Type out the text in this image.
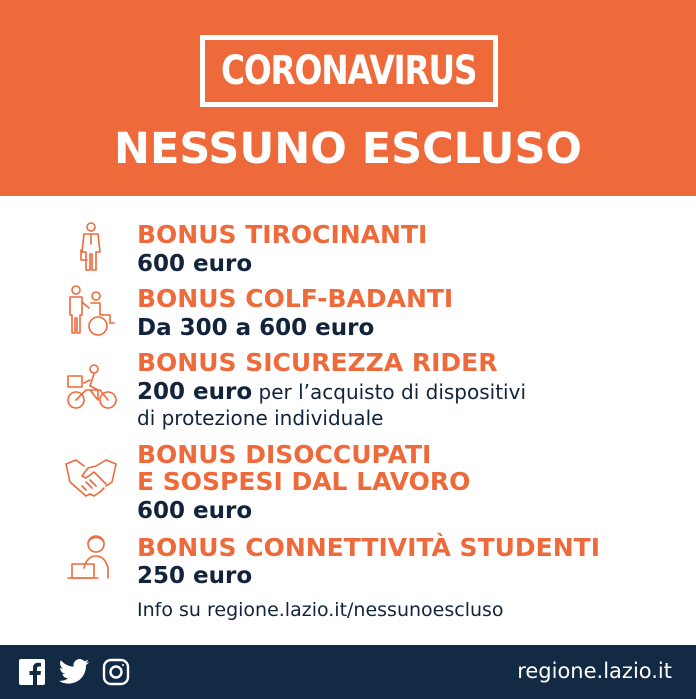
CORONAVIRUS
NESSUNO ESCLUSO
BONUS TIROCINANTI
600 euro
BONUS COLF-BADANTI
Da 300 a 600 euro
BONUS SICUREZZA RIDER
200 euro per l’acquisto di dispositivi
di protezione individuale
BONUS DISOCCUPATI
E SOSPESI DAL LAVORO
600 euro
BONUS CONNETTIVITÀ STUDENTI
250 euro
Info su regione.lazio.it/nessunoescluso
regione.lazio.it
